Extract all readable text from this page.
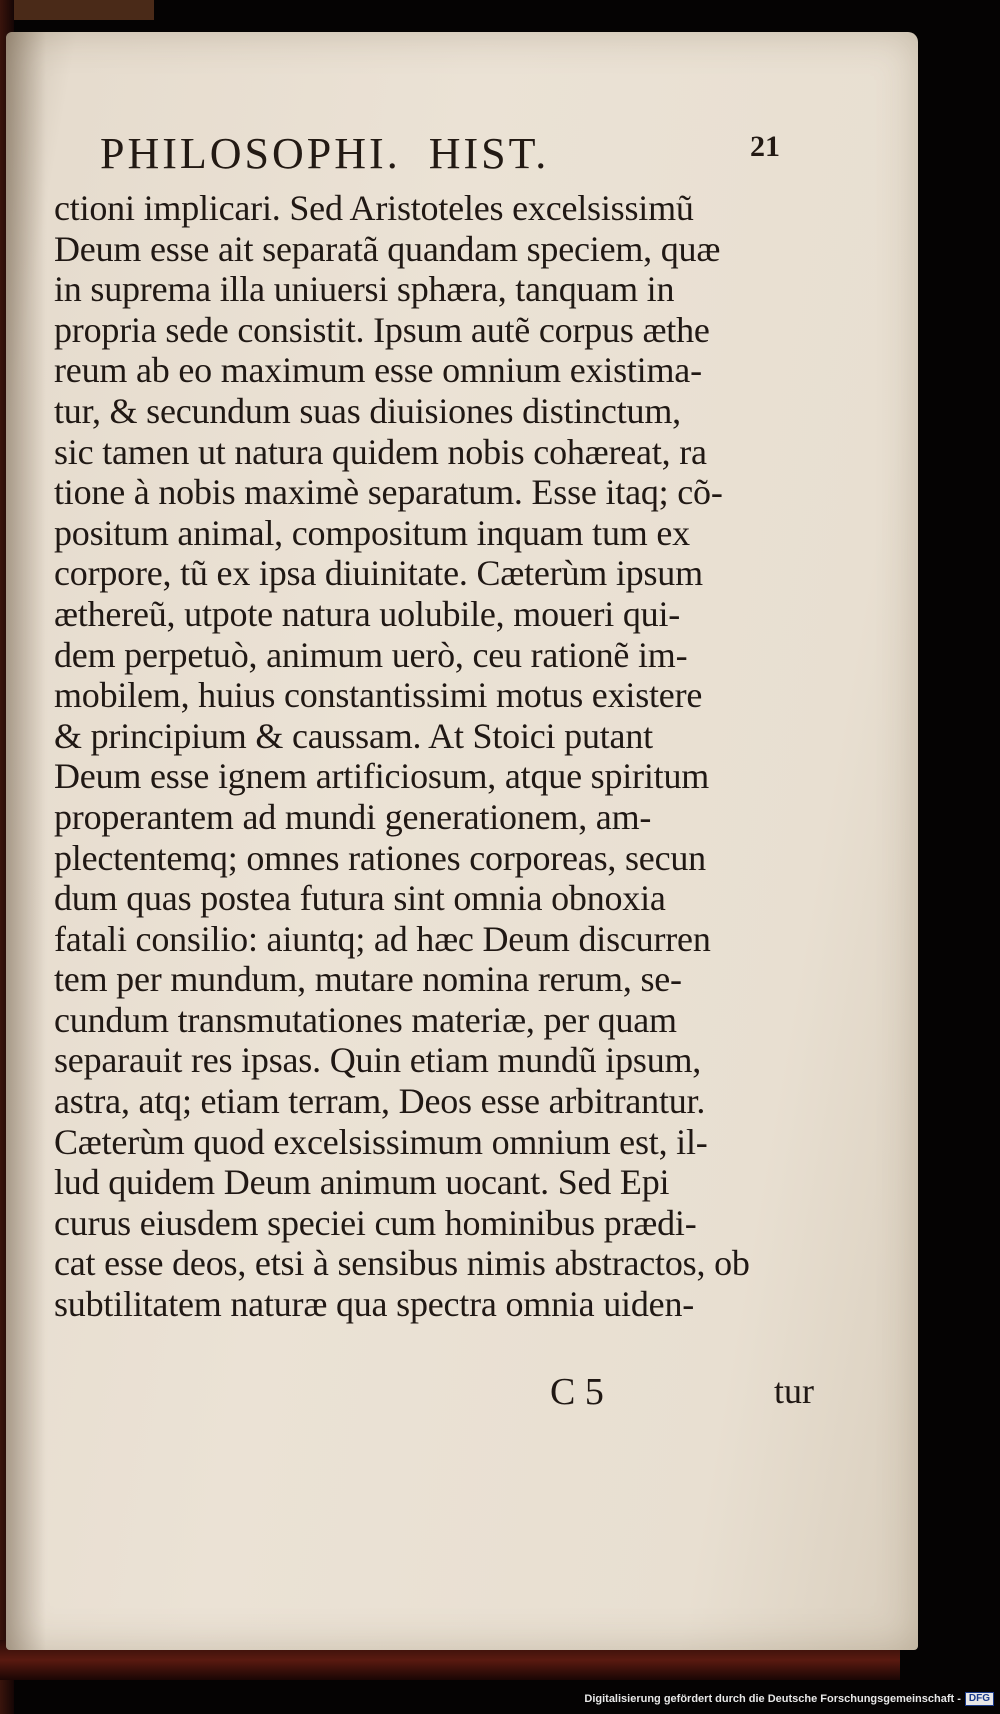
PHILOSOPHI.  HIST.	21
ctioni implicari. Sed Aristoteles excelsissimũ
Deum esse ait separatã quandam speciem, quæ
in suprema illa uniuersi sphæra, tanquam in
propria sede consistit. Ipsum autẽ corpus æthe
reum ab eo maximum esse omnium existima-
tur, & secundum suas diuisiones distinctum,
sic tamen ut natura quidem nobis cohæreat, ra
tione à nobis maximè separatum. Esse itaq; cõ-
positum animal, compositum inquam tum ex
corpore, tũ ex ipsa diuinitate. Cæterùm ipsum
æthereũ, utpote natura uolubile, moueri qui-
dem perpetuò, animum uerò, ceu rationẽ im-
mobilem, huius constantissimi motus existere
& principium & caussam. At Stoici putant
Deum esse ignem artificiosum, atque spiritum
properantem ad mundi generationem, am-
plectentemq; omnes rationes corporeas, secun
dum quas postea futura sint omnia obnoxia
fatali consilio: aiuntq; ad hæc Deum discurren
tem per mundum, mutare nomina rerum, se-
cundum transmutationes materiæ, per quam
separauit res ipsas. Quin etiam mundũ ipsum,
astra, atq; etiam terram, Deos esse arbitrantur.
Cæterùm quod excelsissimum omnium est, il-
lud quidem Deum animum uocant. Sed Epi
curus eiusdem speciei cum hominibus prædi-
cat esse deos, etsi à sensibus nimis abstractos, ob
subtilitatem naturæ qua spectra omnia uiden-
C 5	tur
Digitalisierung gefördert durch die Deutsche Forschungsgemeinschaft - DFG
